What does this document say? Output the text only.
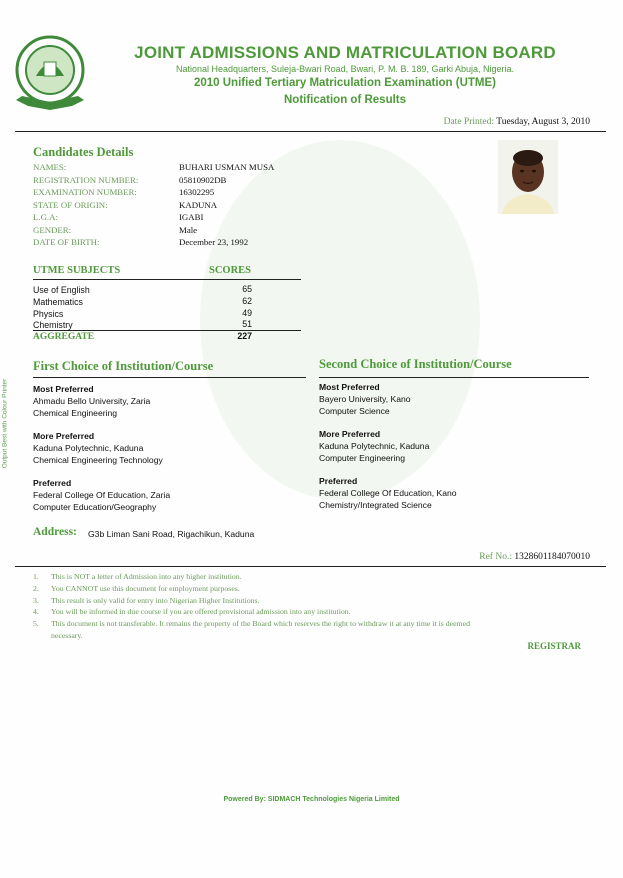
JOINT ADMISSIONS AND MATRICULATION BOARD
National Headquarters, Suleja-Bwari Road, Bwari, P. M. B. 189, Garki Abuja, Nigeria.
2010 Unified Tertiary Matriculation Examination (UTME)
Notification of Results
Date Printed: Tuesday, August 3, 2010
Candidates Details
NAMES:	BUHARI USMAN MUSA
REGISTRATION NUMBER:	05810902DB
EXAMINATION NUMBER:	16302295
STATE OF ORIGIN:	KADUNA
L.G.A:	IGABI
GENDER:	Male
DATE OF BIRTH:	December 23, 1992
UTME SUBJECTS	SCORES
Use of English	65
Mathematics	62
Physics	49
Chemistry	51
AGGREGATE	227
First Choice of Institution/Course
Most Preferred
Ahmadu Bello University, Zaria
Chemical Engineering
More Preferred
Kaduna Polytechnic, Kaduna
Chemical Engineering Technology
Preferred
Federal College Of Education, Zaria
Computer Education/Geography
Second Choice of Institution/Course
Most Preferred
Bayero University, Kano
Computer Science
More Preferred
Kaduna Polytechnic, Kaduna
Computer Engineering
Preferred
Federal College Of Education, Kano
Chemistry/Integrated Science
Address: G3b Liman Sani Road, Rigachikun, Kaduna
Ref No.: 1328601184070010
1. This is NOT a letter of Admission into any higher institution.
2. You CANNOT use this document for employment purposes.
3. This result is only valid for entry into Nigerian Higher Institutions.
4. You will be informed in due course if you are offered provisional admission into any institution.
5. This document is not transferable. It remains the property of the Board which reserves the right to withdraw it at any time it is deemed
necessary.
REGISTRAR
Output Best with Colour Printer
Powered By: SIDMACH Technologies Nigeria Limited
